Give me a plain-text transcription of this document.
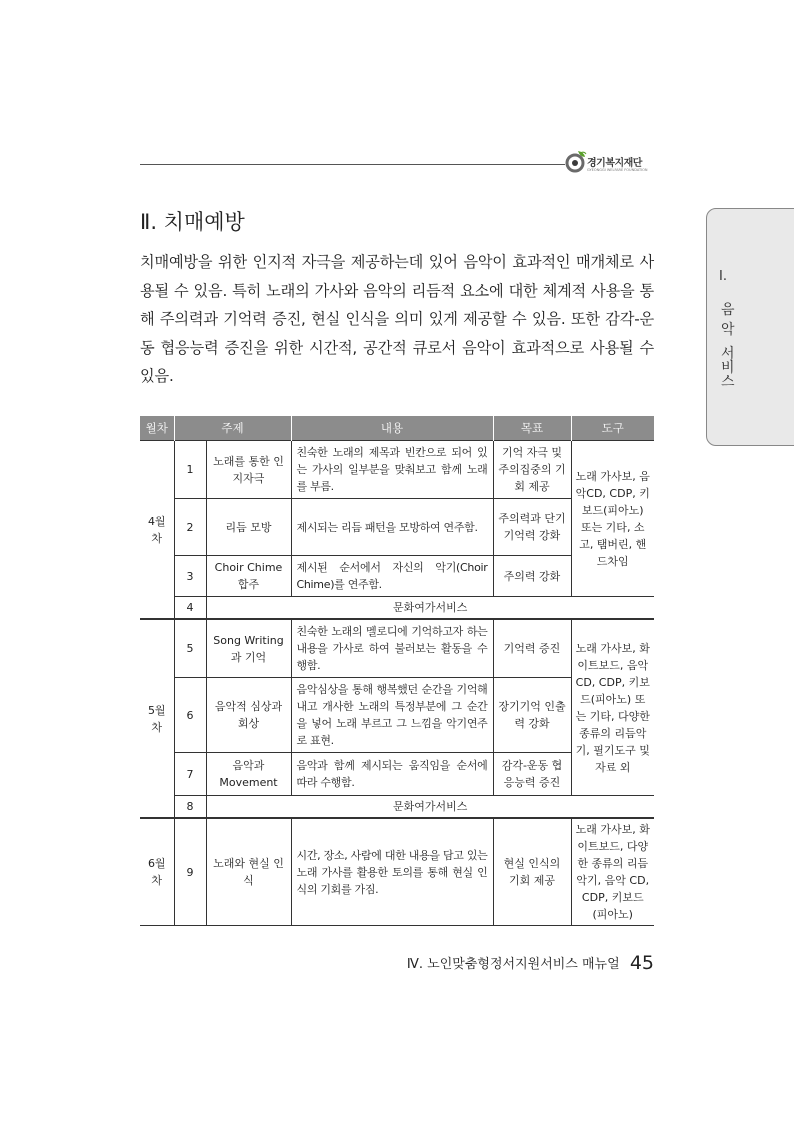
경기복지재단
GYEONGGI WELFARE FOUNDATION
Ⅰ.
음
악
서
비
스
Ⅱ. 치매예방

치매예방을 위한 인지적 자극을 제공하는데 있어 음악이 효과적인 매개체로 사용될 수 있음. 특히 노래의 가사와 음악의 리듬적 요소에 대한 체계적 사용을 통해 주의력과 기억력 증진, 현실 인식을 의미 있게 제공할 수 있음. 또한 감각-운동 협응능력 증진을 위한 시간적, 공간적 큐로서 음악이 효과적으로 사용될 수 있음.

월차	주제		내용	목표	도구
4월차	1	노래를 통한 인지자극	친숙한 노래의 제목과 빈칸으로 되어 있는 가사의 일부분을 맞춰보고 함께 노래를 부름.	기억 자극 및 주의집중의 기회 제공	노래 가사보, 음악CD, CDP, 키보드(피아노) 또는 기타, 소고, 탬버린, 핸드차임
	2	리듬 모방	제시되는 리듬 패턴을 모방하여 연주함.	주의력과 단기기억력 강화	
	3	Choir Chime 합주	제시된 순서에서 자신의 악기(Choir Chime)를 연주함.	주의력 강화	
	4	문화여가서비스			
5월차	5	Song Writing과 기억	친숙한 노래의 멜로디에 기억하고자 하는 내용을 가사로 하여 불러보는 활동을 수행함.	기억력 증진	노래 가사보, 화이트보드, 음악CD, CDP, 키보드(피아노) 또는 기타, 다양한 종류의 리듬악기, 필기도구 및 자료 외
	6	음악적 심상과 회상	음악심상을 통해 행복했던 순간을 기억해내고 개사한 노래의 특정부분에 그 순간을 넣어 노래 부르고 그 느낌을 악기연주로 표현.	장기기억 인출력 강화	
	7	음악과 Movement	음악과 함께 제시되는 움직임을 순서에 따라 수행함.	감각-운동 협응능력 증진	
	8	문화여가서비스			
6월차	9	노래와 현실 인식	시간, 장소, 사람에 대한 내용을 담고 있는 노래 가사를 활용한 토의를 통해 현실 인식의 기회를 가짐.	현실 인식의 기회 제공	노래 가사보, 화이트보드, 다양한 종류의 리듬악기, 음악 CD, CDP, 키보드(피아노)
Ⅳ. 노인맞춤형정서지원서비스 매뉴얼 45
